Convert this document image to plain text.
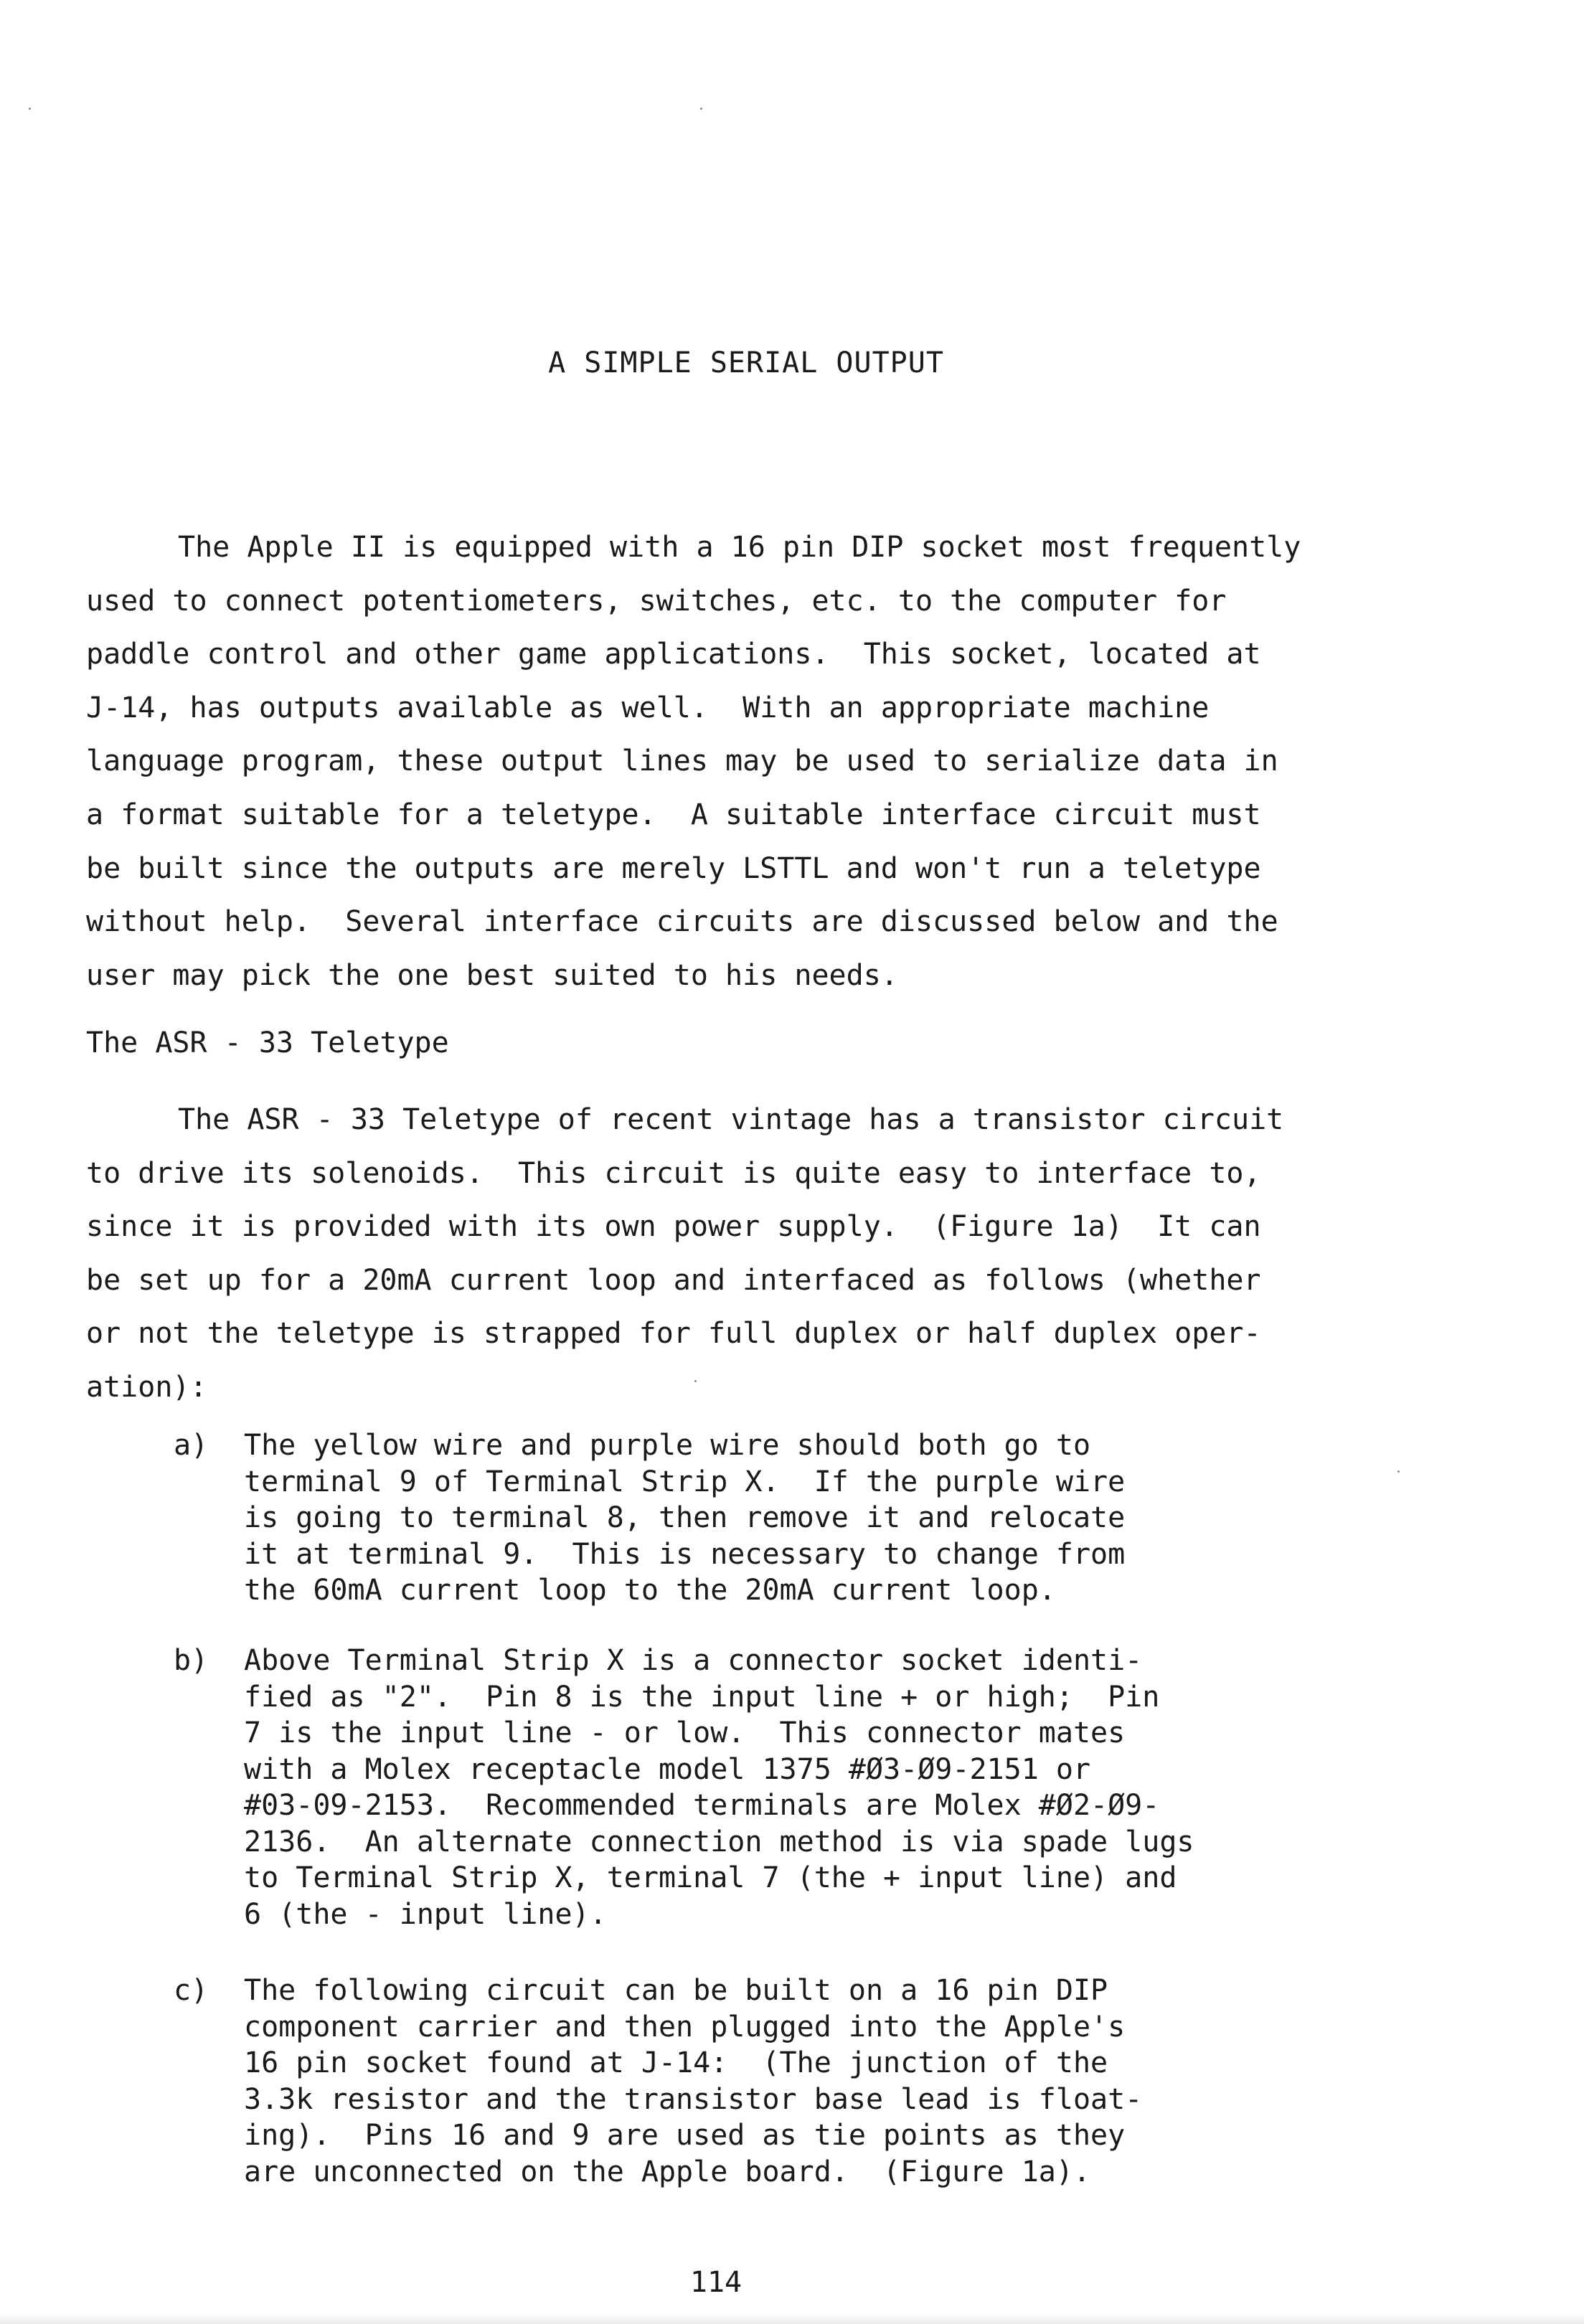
A SIMPLE SERIAL OUTPUT
The Apple II is equipped with a 16 pin DIP socket most frequently
used to connect potentiometers, switches, etc. to the computer for
paddle control and other game applications.  This socket, located at
J-14, has outputs available as well.  With an appropriate machine
language program, these output lines may be used to serialize data in
a format suitable for a teletype.  A suitable interface circuit must
be built since the outputs are merely LSTTL and won't run a teletype
without help.  Several interface circuits are discussed below and the
user may pick the one best suited to his needs.
The ASR - 33 Teletype
The ASR - 33 Teletype of recent vintage has a transistor circuit
to drive its solenoids.  This circuit is quite easy to interface to,
since it is provided with its own power supply.  (Figure 1a)  It can
be set up for a 20mA current loop and interfaced as follows (whether
or not the teletype is strapped for full duplex or half duplex oper-
ation):
a) The yellow wire and purple wire should both go to
terminal 9 of Terminal Strip X.  If the purple wire
is going to terminal 8, then remove it and relocate
it at terminal 9.  This is necessary to change from
the 60mA current loop to the 20mA current loop.
b) Above Terminal Strip X is a connector socket identi-
fied as "2".  Pin 8 is the input line + or high;  Pin
7 is the input line - or low.  This connector mates
with a Molex receptacle model 1375 #Ø3-Ø9-2151 or
#03-09-2153.  Recommended terminals are Molex #Ø2-Ø9-
2136.  An alternate connection method is via spade lugs
to Terminal Strip X, terminal 7 (the + input line) and
6 (the - input line).
c) The following circuit can be built on a 16 pin DIP
component carrier and then plugged into the Apple's
16 pin socket found at J-14:  (The junction of the
3.3k resistor and the transistor base lead is float-
ing).  Pins 16 and 9 are used as tie points as they
are unconnected on the Apple board.  (Figure 1a).
114
